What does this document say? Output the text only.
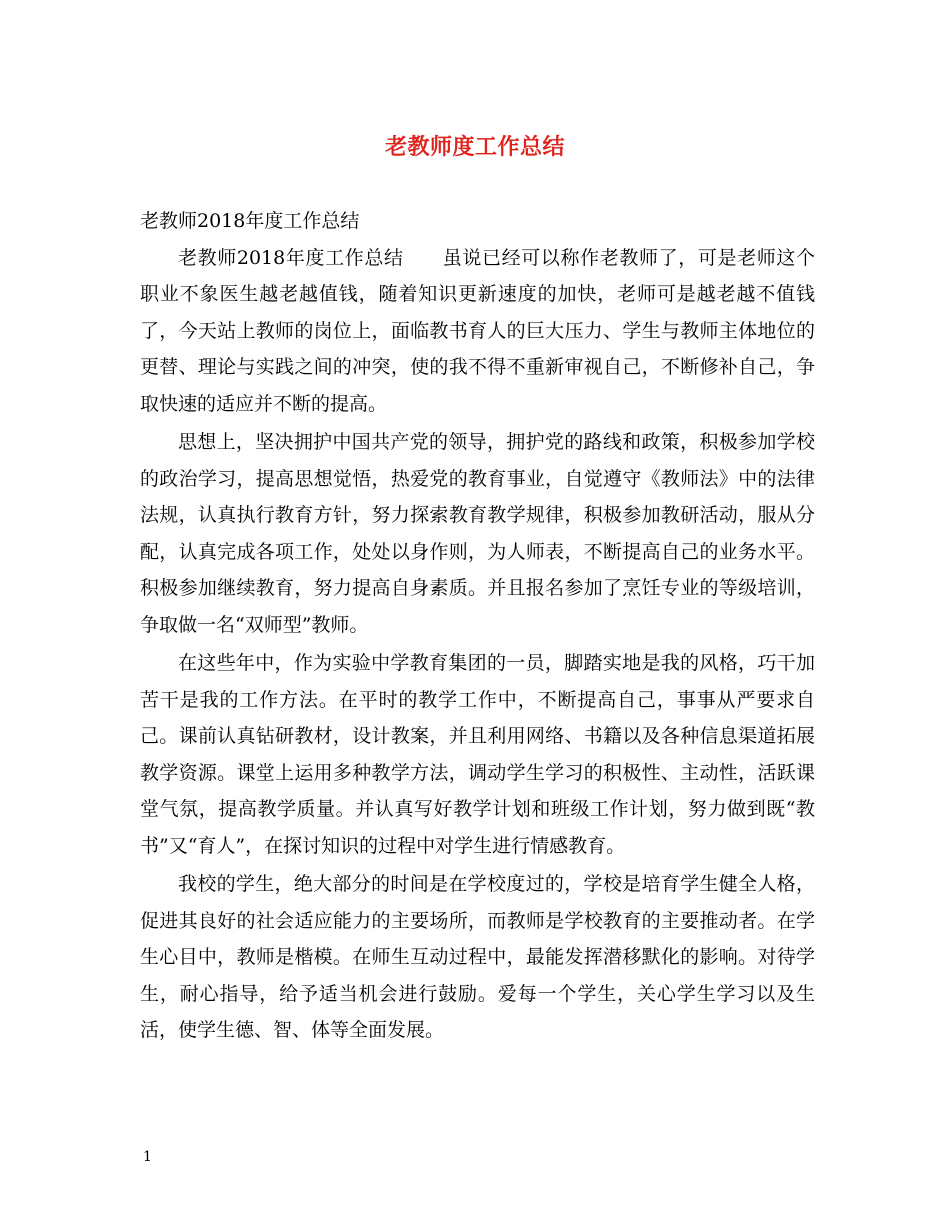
老教师度工作总结

老教师2018年度工作总结

老教师2018年度工作总结　　虽说已经可以称作老教师了，可是老师这个职业不象医生越老越值钱，随着知识更新速度的加快，老师可是越老越不值钱了，今天站上教师的岗位上，面临教书育人的巨大压力、学生与教师主体地位的更替、理论与实践之间的冲突，使的我不得不重新审视自己，不断修补自己，争取快速的适应并不断的提高。

思想上，坚决拥护中国共产党的领导，拥护党的路线和政策，积极参加学校的政治学习，提高思想觉悟，热爱党的教育事业，自觉遵守《教师法》中的法律法规，认真执行教育方针，努力探索教育教学规律，积极参加教研活动，服从分配，认真完成各项工作，处处以身作则，为人师表，不断提高自己的业务水平。积极参加继续教育，努力提高自身素质。并且报名参加了烹饪专业的等级培训，争取做一名“双师型”教师。

在这些年中，作为实验中学教育集团的一员，脚踏实地是我的风格，巧干加苦干是我的工作方法。在平时的教学工作中，不断提高自己，事事从严要求自己。课前认真钻研教材，设计教案，并且利用网络、书籍以及各种信息渠道拓展教学资源。课堂上运用多种教学方法，调动学生学习的积极性、主动性，活跃课堂气氛，提高教学质量。并认真写好教学计划和班级工作计划，努力做到既“教书”又“育人”，在探讨知识的过程中对学生进行情感教育。

我校的学生，绝大部分的时间是在学校度过的，学校是培育学生健全人格，促进其良好的社会适应能力的主要场所，而教师是学校教育的主要推动者。在学生心目中，教师是楷模。在师生互动过程中，最能发挥潜移默化的影响。对待学生，耐心指导，给予适当机会进行鼓励。爱每一个学生，关心学生学习以及生活，使学生德、智、体等全面发展。

1
